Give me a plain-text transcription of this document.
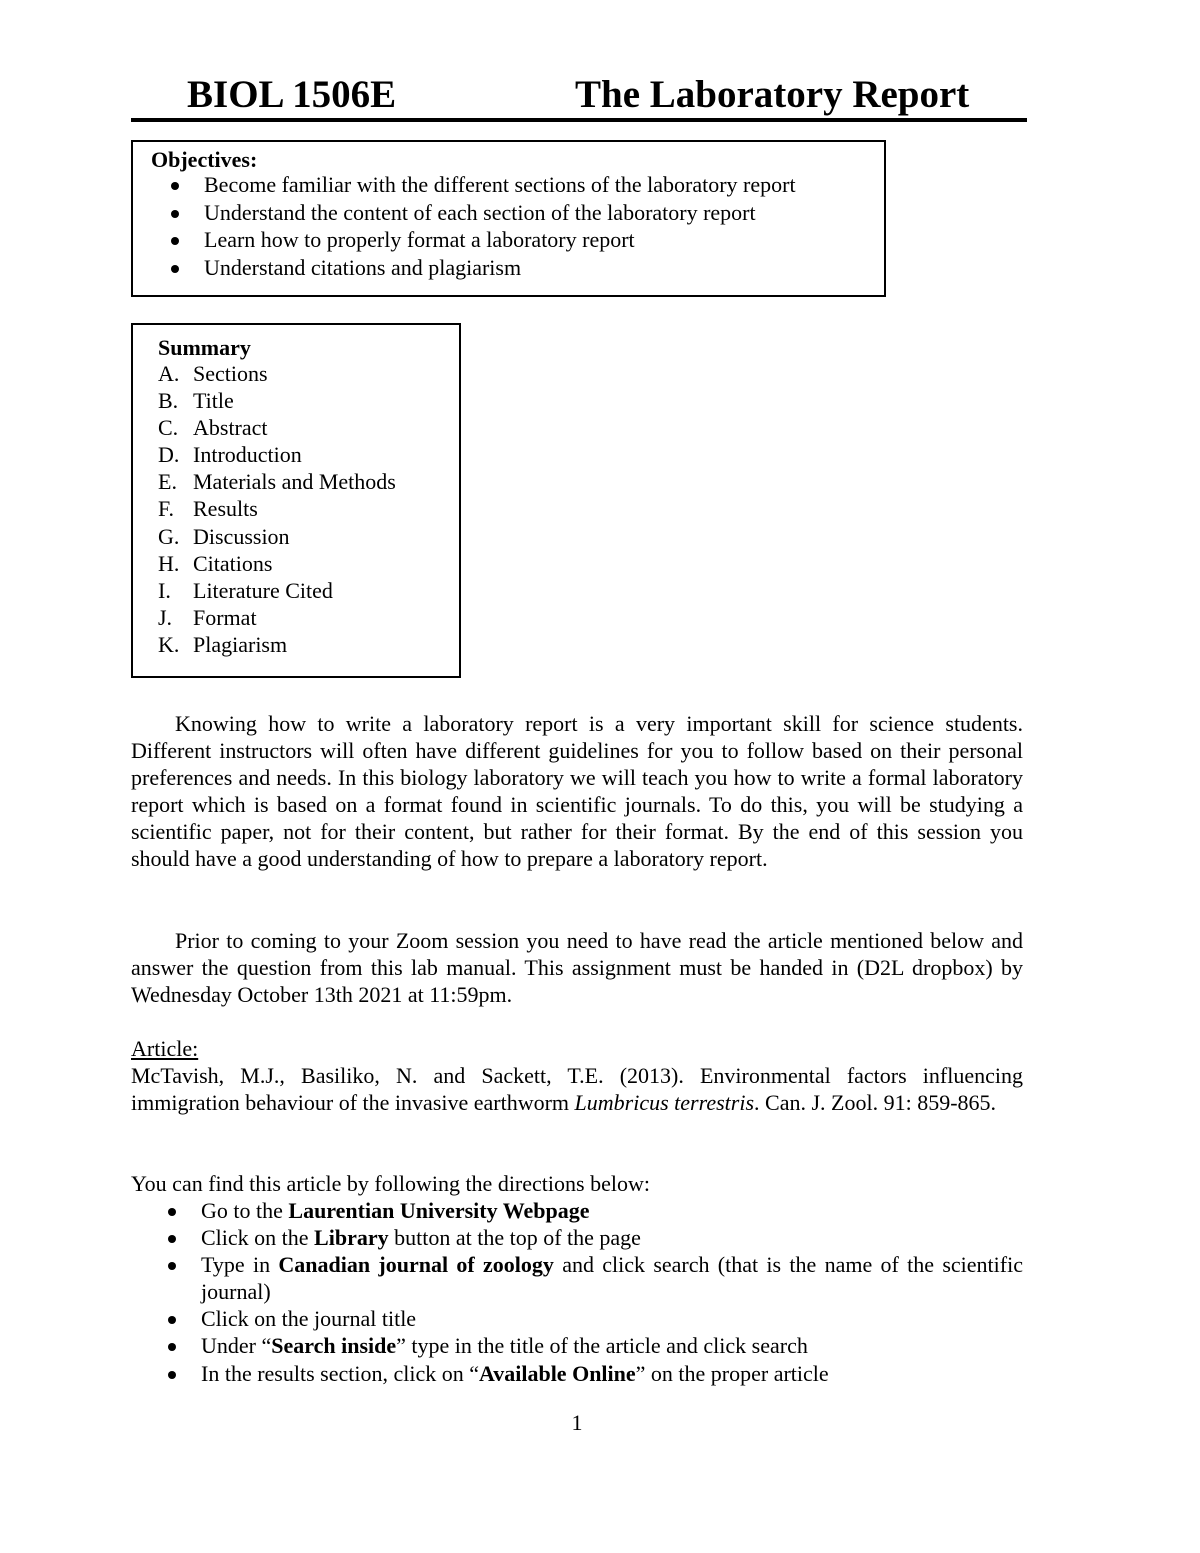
BIOL 1506E	The Laboratory Report
Objectives:
Become familiar with the different sections of the laboratory report
Understand the content of each section of the laboratory report
Learn how to properly format a laboratory report
Understand citations and plagiarism
Summary
A. Sections
B. Title
C. Abstract
D. Introduction
E. Materials and Methods
F. Results
G. Discussion
H. Citations
I. Literature Cited
J. Format
K. Plagiarism

Knowing how to write a laboratory report is a very important skill for science students. Different instructors will often have different guidelines for you to follow based on their personal preferences and needs. In this biology laboratory we will teach you how to write a formal laboratory report which is based on a format found in scientific journals. To do this, you will be studying a scientific paper, not for their content, but rather for their format. By the end of this session you should have a good understanding of how to prepare a laboratory report.

Prior to coming to your Zoom session you need to have read the article mentioned below and answer the question from this lab manual. This assignment must be handed in (D2L dropbox) by Wednesday October 13th 2021 at 11:59pm.

Article:

McTavish, M.J., Basiliko, N. and Sackett, T.E. (2013). Environmental factors influencing immigration behaviour of the invasive earthworm Lumbricus terrestris. Can. J. Zool. 91: 859-865.

You can find this article by following the directions below:
Go to the Laurentian University Webpage
Click on the Library button at the top of the page
Type in Canadian journal of zoology and click search (that is the name of the scientific journal)
Click on the journal title
Under “Search inside” type in the title of the article and click search
In the results section, click on “Available Online” on the proper article
1
